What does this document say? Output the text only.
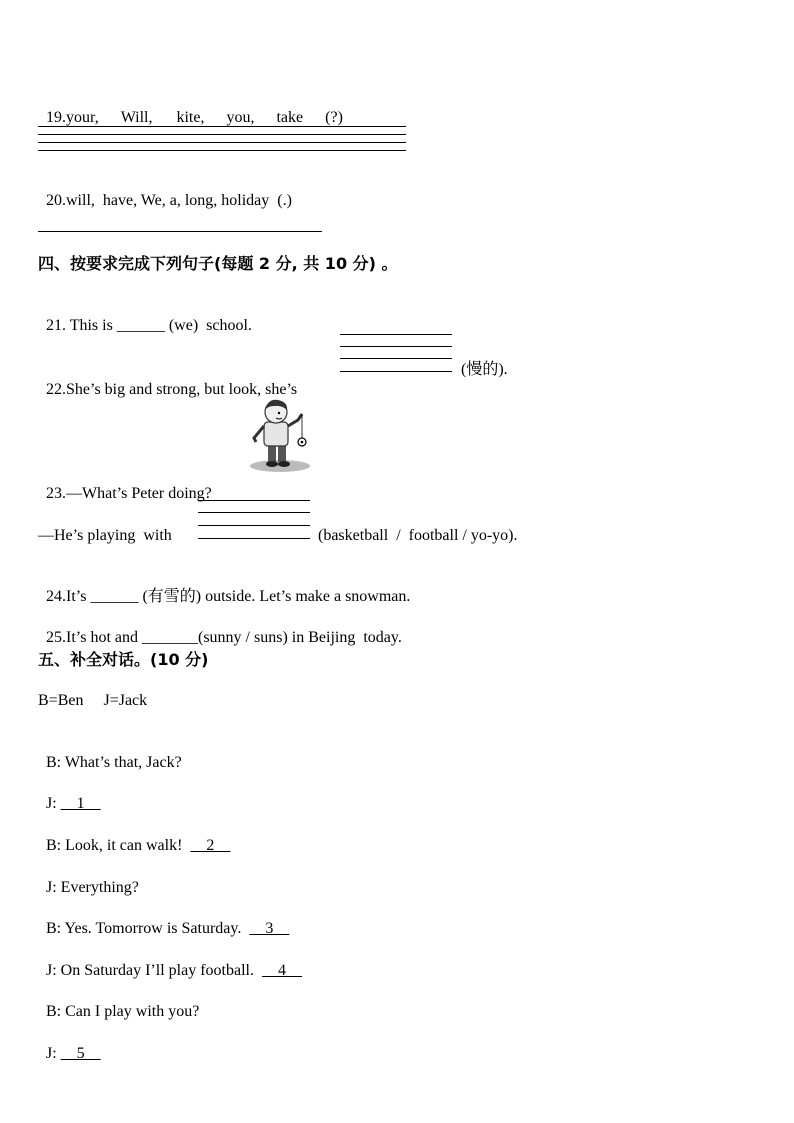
19.your, Will, kite, you, take (?)

20.will,  have, We, a, long, holiday  (.)

四、按要求完成下列句子(每题 2 分, 共 10 分) 。

21. This is ______ (we)  school.

22.She’s big and strong, but look, she’s

(慢的).

23.—What’s Peter doing?

—He’s playing  with	(basketball  /  football / yo-yo).

24.It’s ______ (有雪的) outside. Let’s make a snowman.

25.It’s hot and _______(sunny / suns) in Beijing  today.

五、补全对话。(10 分)
B=Ben     J=Jack

B: What’s that, Jack?

J:     1

B: Look, it can walk!      2

J: Everything?

B: Yes. Tomorrow is Saturday.      3

J: On Saturday I’ll play football.      4

B: Can I play with you?

J:     5
